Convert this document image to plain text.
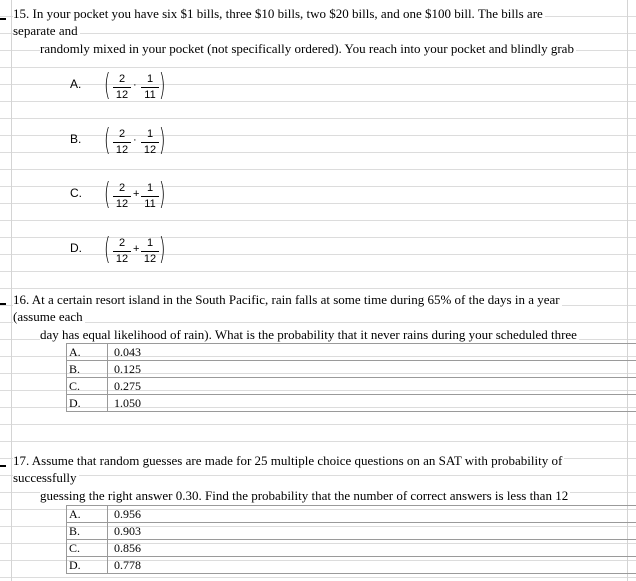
15. In your pocket you have six $1 bills, three $10 bills, two $20 bills, and one $100 bill. The bills are
separate and
randomly mixed in your pocket (not specifically ordered). You reach into your pocket and blindly grab
A. ( 2
12
· 1
11 )
B. ( 2
12
· 1
12 )
C. ( 2
12
+ 1
11 )
D. ( 2
12
+ 1
12 )
16. At a certain resort island in the South Pacific, rain falls at some time during 65% of the days in a year
(assume each
day has equal likelihood of rain). What is the probability that it never rains during your scheduled three
A.	0.043
B.	0.125
C.	0.275
D.	1.050
17. Assume that random guesses are made for 25 multiple choice questions on an SAT with probability of
successfully
guessing the right answer 0.30. Find the probability that the number of correct answers is less than 12
A.	0.956
B.	0.903
C.	0.856
D.	0.778
